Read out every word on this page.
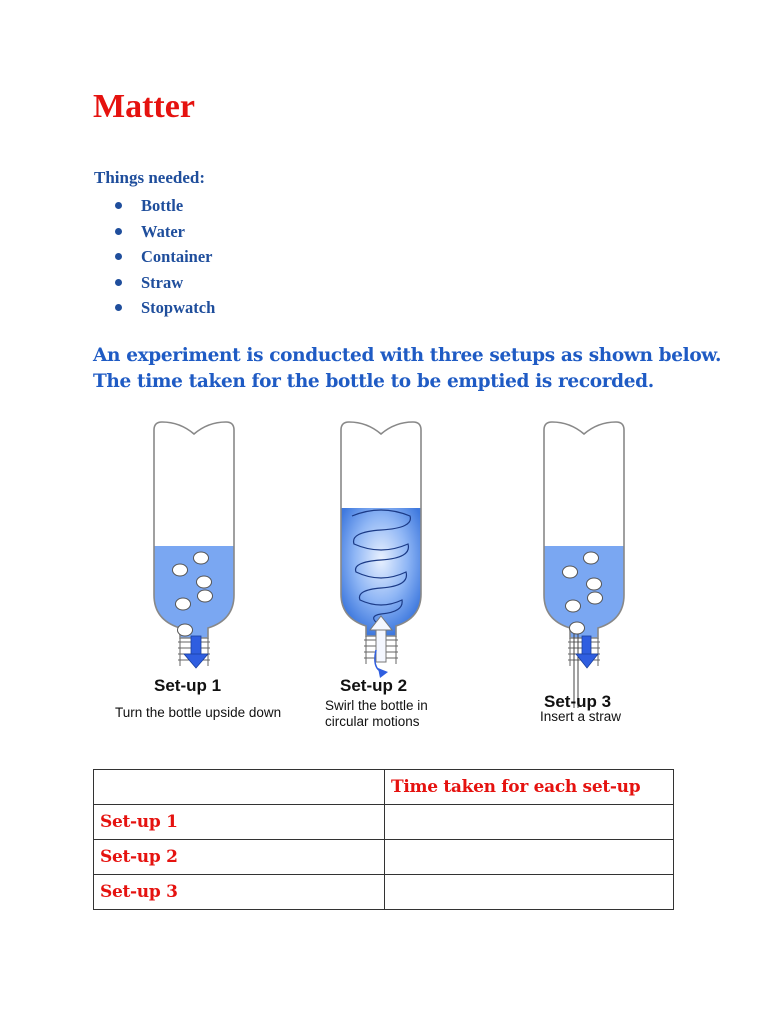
Matter

Things needed:

Bottle
Water
Container
Straw
Stopwatch

An experiment is conducted with three setups as shown below.
The time taken for the bottle to be emptied is recorded.

Set-up 1
Turn the bottle upside down
Set-up 2
Swirl the bottle in
circular motions
Set-up 3
Insert a straw
	Time taken for each set-up
Set-up 1	
Set-up 2	
Set-up 3	
